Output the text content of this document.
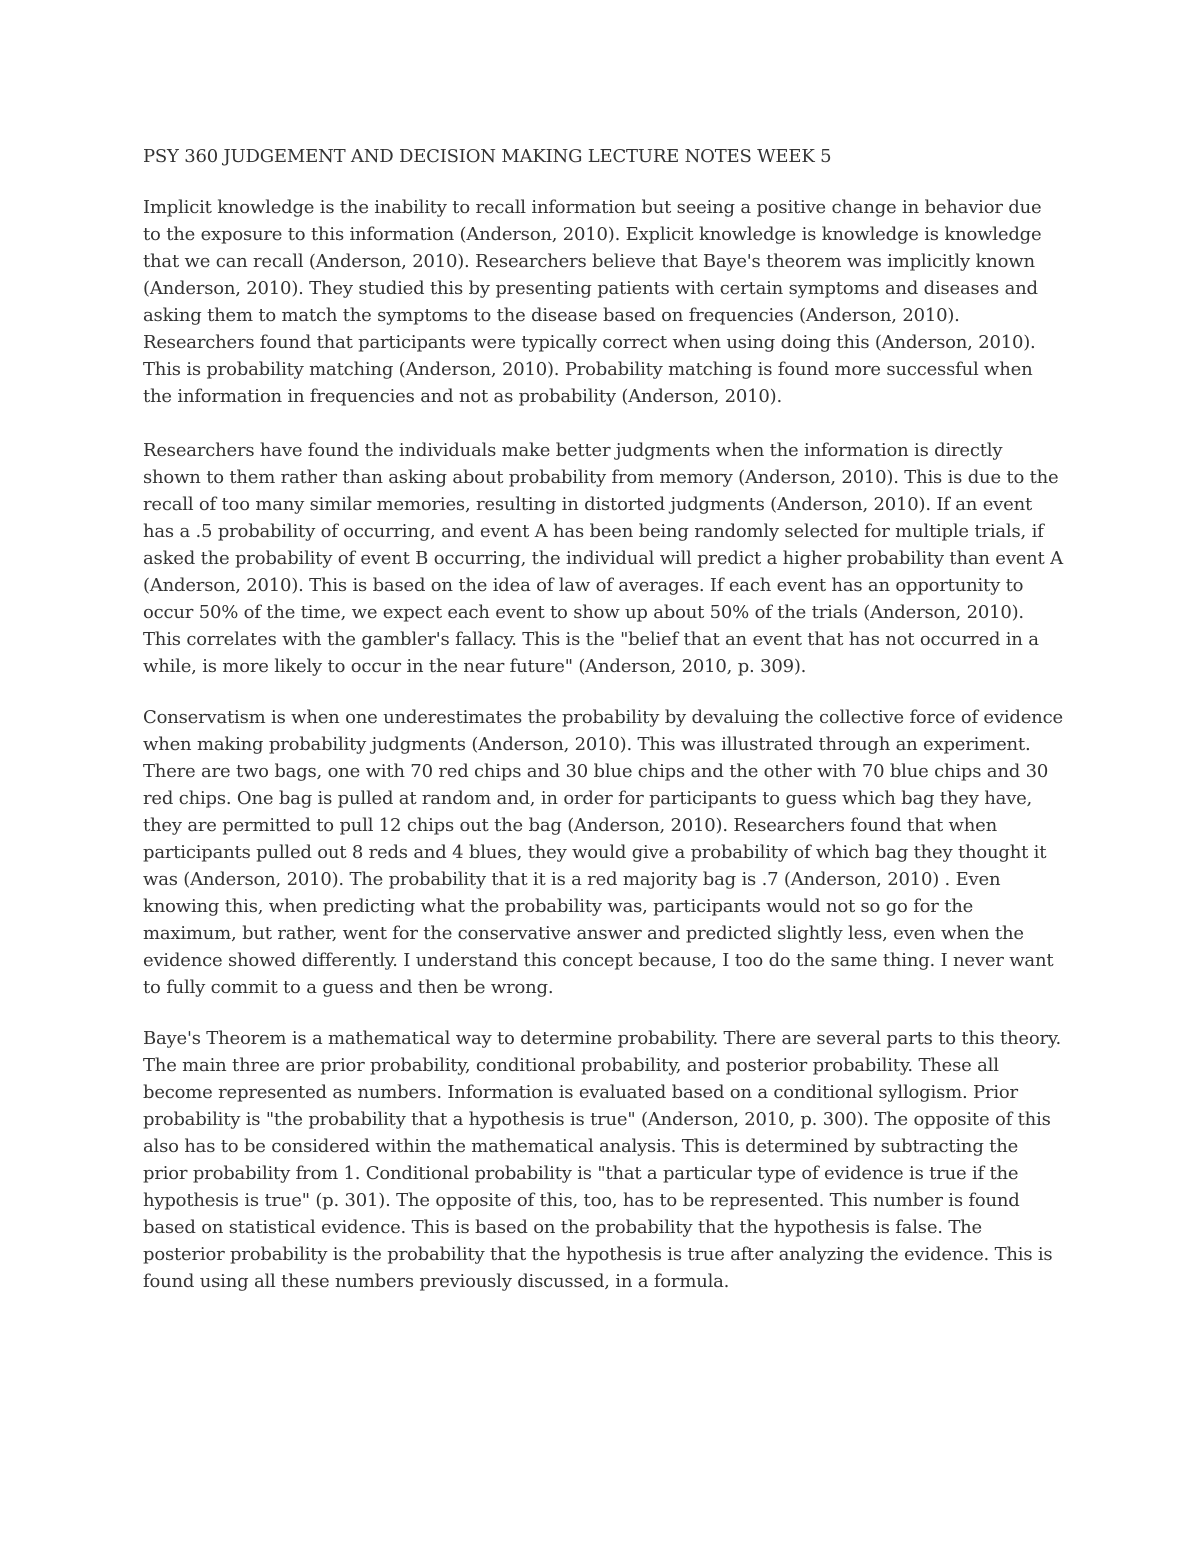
PSY 360 JUDGEMENT AND DECISION MAKING LECTURE NOTES WEEK 5

Implicit knowledge is the inability to recall information but seeing a positive change in behavior due to the exposure to this information (Anderson, 2010). Explicit knowledge is knowledge is knowledge that we can recall (Anderson, 2010). Researchers believe that Baye's theorem was implicitly known (Anderson, 2010). They studied this by presenting patients with certain symptoms and diseases and asking them to match the symptoms to the disease based on frequencies (Anderson, 2010). Researchers found that participants were typically correct when using doing this (Anderson, 2010). This is probability matching (Anderson, 2010). Probability matching is found more successful when the information in frequencies and not as probability (Anderson, 2010).

Researchers have found the individuals make better judgments when the information is directly shown to them rather than asking about probability from memory (Anderson, 2010). This is due to the recall of too many similar memories, resulting in distorted judgments (Anderson, 2010). If an event has a .5 probability of occurring, and event A has been being randomly selected for multiple trials, if asked the probability of event B occurring, the individual will predict a higher probability than event A (Anderson, 2010). This is based on the idea of law of averages. If each event has an opportunity to occur 50% of the time, we expect each event to show up about 50% of the trials (Anderson, 2010). This correlates with the gambler's fallacy. This is the "belief that an event that has not occurred in a while, is more likely to occur in the near future" (Anderson, 2010, p. 309).

Conservatism is when one underestimates the probability by devaluing the collective force of evidence when making probability judgments (Anderson, 2010). This was illustrated through an experiment. There are two bags, one with 70 red chips and 30 blue chips and the other with 70 blue chips and 30 red chips. One bag is pulled at random and, in order for participants to guess which bag they have, they are permitted to pull 12 chips out the bag (Anderson, 2010). Researchers found that when participants pulled out 8 reds and 4 blues, they would give a probability of which bag they thought it was (Anderson, 2010). The probability that it is a red majority bag is .7 (Anderson, 2010) . Even knowing this, when predicting what the probability was, participants would not so go for the maximum, but rather, went for the conservative answer and predicted slightly less, even when the evidence showed differently. I understand this concept because, I too do the same thing. I never want to fully commit to a guess and then be wrong.

Baye's Theorem is a mathematical way to determine probability. There are several parts to this theory. The main three are prior probability, conditional probability, and posterior probability. These all become represented as numbers. Information is evaluated based on a conditional syllogism. Prior probability is "the probability that a hypothesis is true" (Anderson, 2010, p. 300). The opposite of this also has to be considered within the mathematical analysis. This is determined by subtracting the prior probability from 1. Conditional probability is "that a particular type of evidence is true if the hypothesis is true" (p. 301). The opposite of this, too, has to be represented. This number is found based on statistical evidence. This is based on the probability that the hypothesis is false. The posterior probability is the probability that the hypothesis is true after analyzing the evidence. This is found using all these numbers previously discussed, in a formula.
